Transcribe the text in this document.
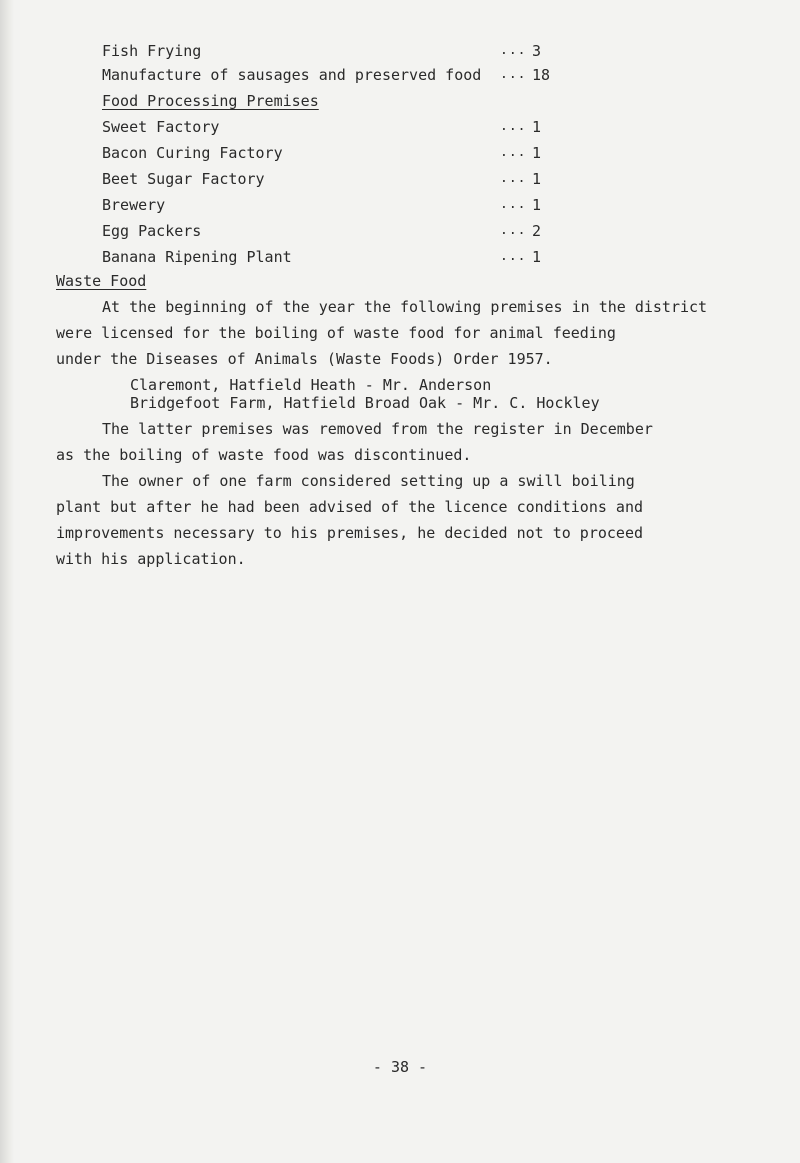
Fish Frying	... 3
Manufacture of sausages and preserved food ... 18
Food Processing Premises
Sweet Factory	... 1
Bacon Curing Factory	... 1
Beet Sugar Factory	... 1
Brewery	... 1
Egg Packers	... 2
Banana Ripening Plant	... 1
Waste Food
At the beginning of the year the following premises in the district
were licensed for the boiling of waste food for animal feeding
under the Diseases of Animals (Waste Foods) Order 1957.
Claremont, Hatfield Heath - Mr. Anderson
Bridgefoot Farm, Hatfield Broad Oak - Mr. C. Hockley
The latter premises was removed from the register in December
as the boiling of waste food was discontinued.
The owner of one farm considered setting up a swill boiling
plant but after he had been advised of the licence conditions and
improvements necessary to his premises, he decided not to proceed
with his application.
- 38 -
